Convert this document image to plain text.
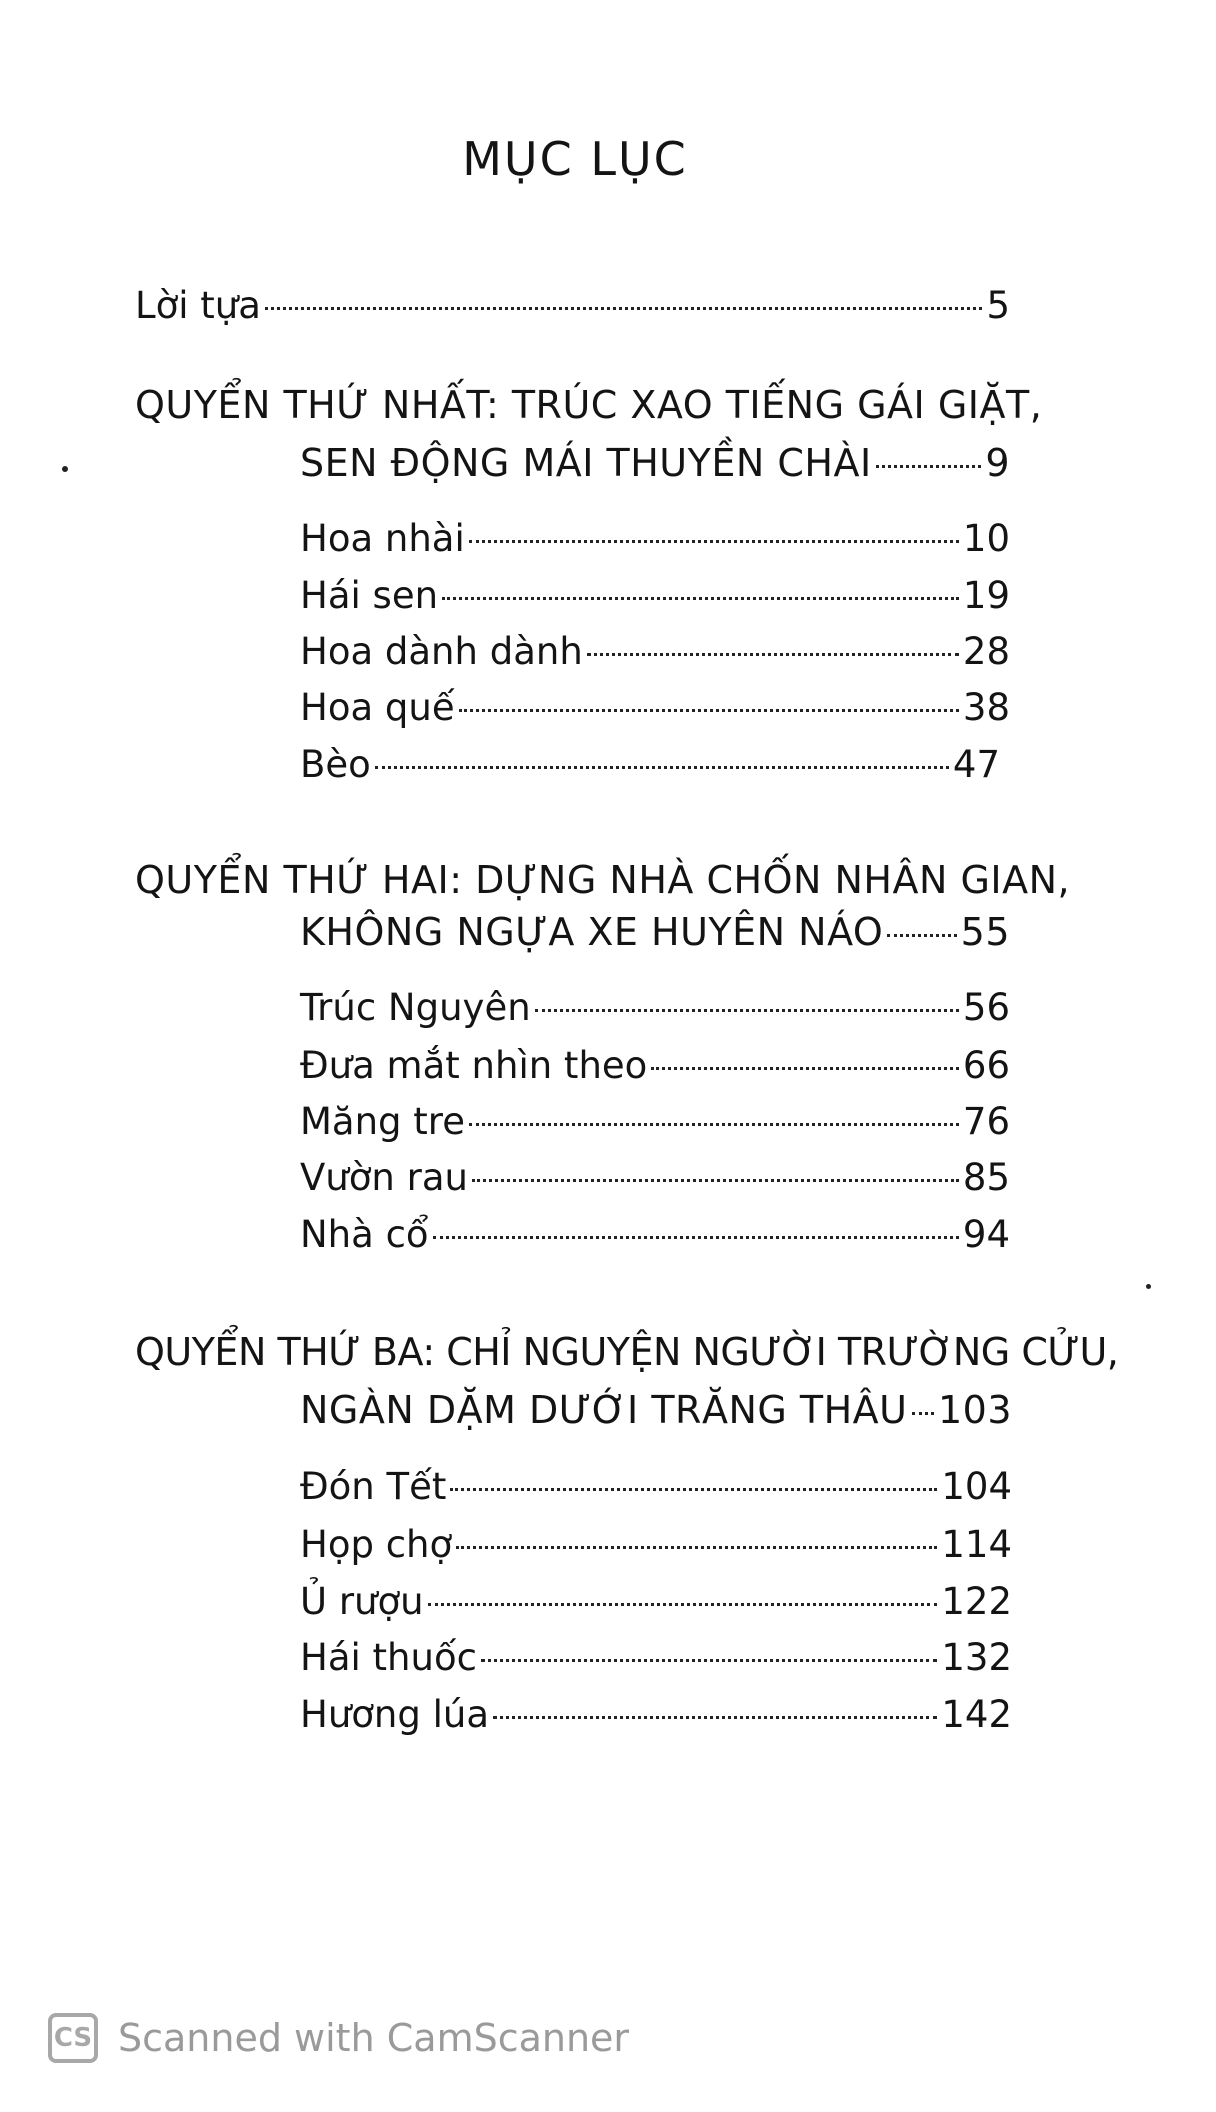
MỤC LỤC
Lời tựa	5
QUYỂN THỨ NHẤT: TRÚC XAO TIẾNG GÁI GIẶT,
SEN ĐỘNG MÁI THUYỀN CHÀI	9
Hoa nhài	10
Hái sen	19
Hoa dành dành	28
Hoa quế	38
Bèo	47
QUYỂN THỨ HAI: DỰNG NHÀ CHỐN NHÂN GIAN,
KHÔNG NGỰA XE HUYÊN NÁO 55
Trúc Nguyên	56
Đưa mắt nhìn theo	66
Măng tre	76
Vườn rau	85
Nhà cổ	94
QUYỂN THỨ BA: CHỈ NGUYỆN NGƯỜI TRƯỜNG CỬU,
NGÀN DẶM DƯỚI TRĂNG THÂU 103
Đón Tết	104
Họp chợ	114
Ủ rượu	122
Hái thuốc	132
Hương lúa	142
CS Scanned with CamScanner
